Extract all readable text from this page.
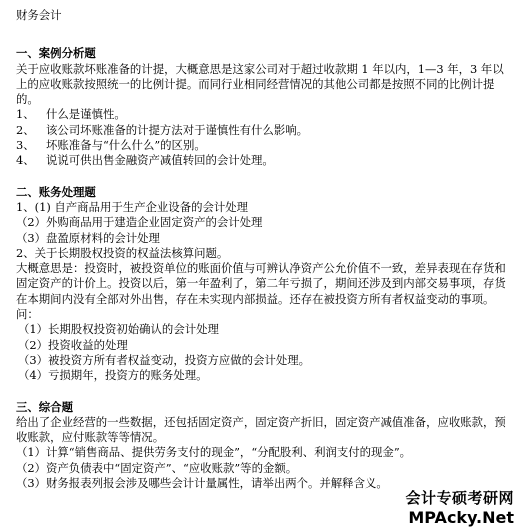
财务会计

一、案例分析题

关于应收账款坏账准备的计提，大概意思是这家公司对于超过收款期 1 年以内，1—3 年，3 年以上的应收账款按照统一的比例计提。而同行业相同经营情况的其他公司都是按照不同的比例计提的。

1、 什么是谨慎性。
2、 该公司坏账准备的计提方法对于谨慎性有什么影响。
3、 坏账准备与“什么什么”的区别。
4、 说说可供出售金融资产减值转回的会计处理。

二、账务处理题

1、(1) 自产商品用于生产企业设备的会计处理

（2）外购商品用于建造企业固定资产的会计处理

（3）盘盈原材料的会计处理

2、关于长期股权投资的权益法核算问题。

大概意思是：投资时，被投资单位的账面价值与可辨认净资产公允价值不一致，差异表现在存货和固定资产的计价上。投资以后，第一年盈利了，第二年亏损了，期间还涉及到内部交易事项，存货在本期间内没有全部对外出售，存在未实现内部损益。还存在被投资方所有者权益变动的事项。

问：

（1）长期股权投资初始确认的会计处理

（2）投资收益的处理

（3）被投资方所有者权益变动，投资方应做的会计处理。

（4）亏损期年，投资方的账务处理。

三、综合题

给出了企业经营的一些数据，还包括固定资产，固定资产折旧，固定资产减值准备，应收账款，预收账款，应付账款等等情况。

（1）计算“销售商品、提供劳务支付的现金”，“分配股利、利润支付的现金”。

（2）资产负债表中“固定资产”、“应收账款”等的金额。

（3）财务报表列报会涉及哪些会计计量属性，请举出两个。并解释含义。

会计专硕考研网
MPAcky.Net
